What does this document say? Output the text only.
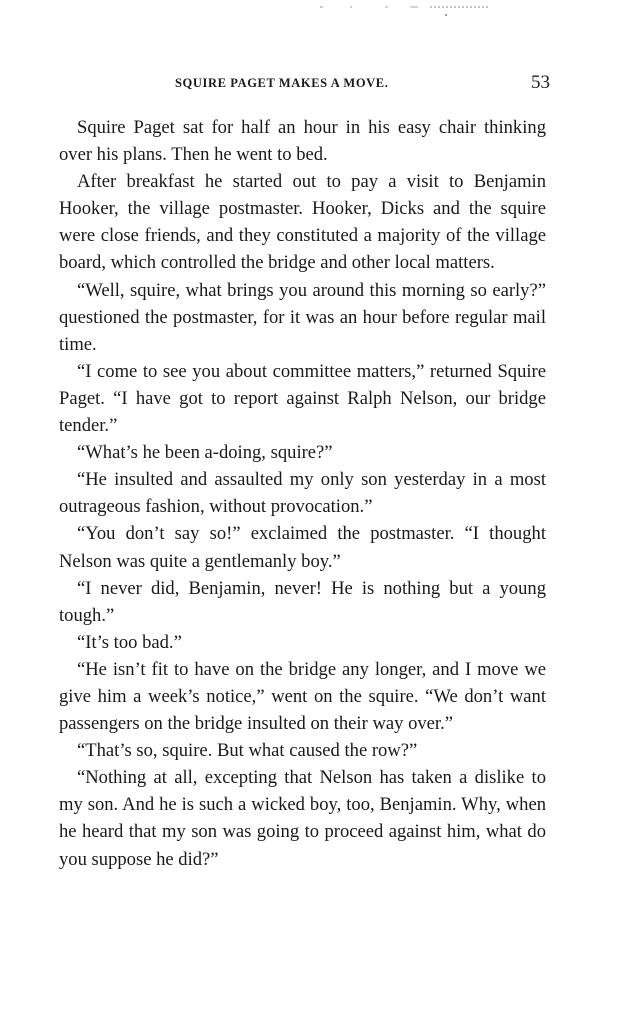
SQUIRE PAGET MAKES A MOVE.	53

Squire Paget sat for half an hour in his easy chair thinking over his plans. Then he went to bed.

After breakfast he started out to pay a visit to Benjamin Hooker, the village postmaster. Hooker, Dicks and the squire were close friends, and they constituted a majority of the village board, which controlled the bridge and other local matters.

“Well, squire, what brings you around this morning so early?” questioned the postmaster, for it was an hour before regular mail time.

“I come to see you about committee matters,” returned Squire Paget. “I have got to report against Ralph Nelson, our bridge tender.”

“What’s he been a-doing, squire?”

“He insulted and assaulted my only son yesterday in a most outrageous fashion, without provocation.”

“You don’t say so!” exclaimed the postmaster. “I thought Nelson was quite a gentlemanly boy.”

“I never did, Benjamin, never! He is nothing but a young tough.”

“It’s too bad.”

“He isn’t fit to have on the bridge any longer, and I move we give him a week’s notice,” went on the squire. “We don’t want passengers on the bridge insulted on their way over.”

“That’s so, squire. But what caused the row?”

“Nothing at all, excepting that Nelson has taken a dislike to my son. And he is such a wicked boy, too, Benjamin. Why, when he heard that my son was going to proceed against him, what do you suppose he did?”
